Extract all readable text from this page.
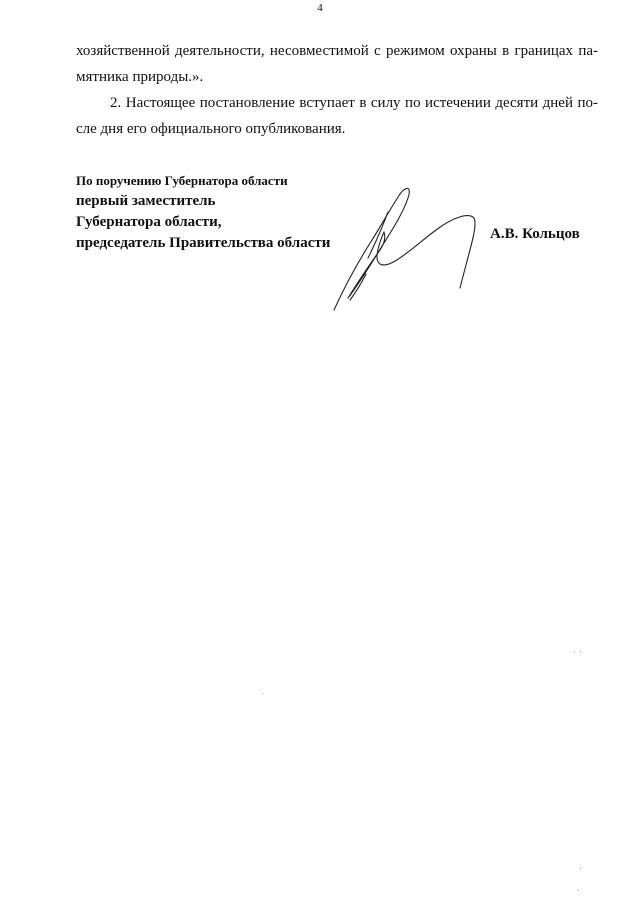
4

хозяйственной деятельности, несовместимой с режимом охраны в границах па-
мятника природы.».

2. Настоящее постановление вступает в силу по истечении десяти дней по-
сле дня его официального опубликования.

По поручению Губернатора области
первый заместитель
Губернатора области,
председатель Правительства области
А.В. Кольцов
